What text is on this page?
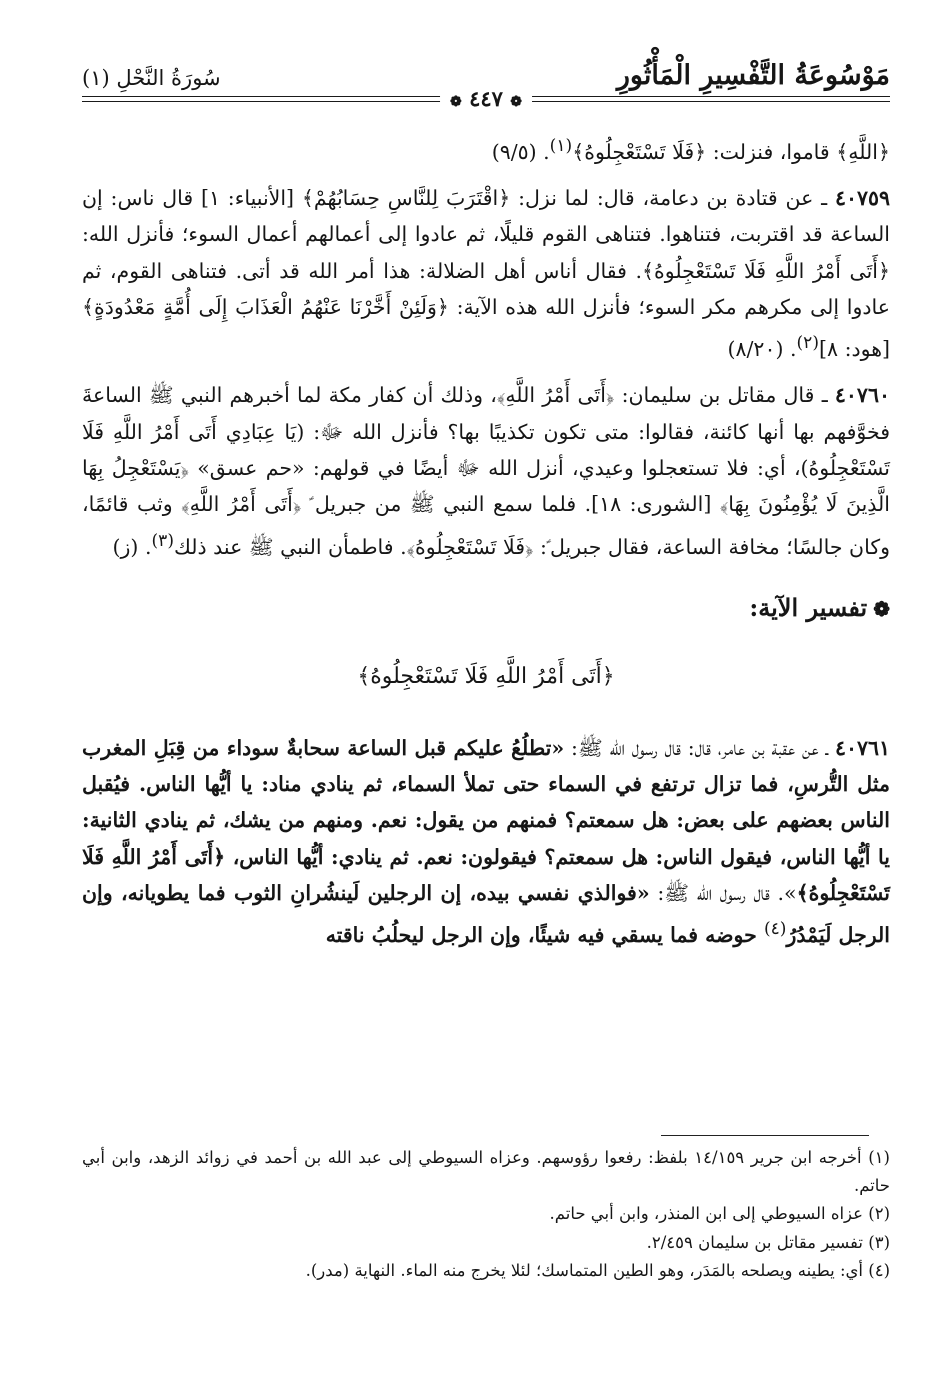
مَوْسُوعَةُ التَّفْسِيرِ الْمَأْثُورِ
سُورَةُ النَّحْلِ (١)
❁ ٤٤٧ ❁

﴿اللَّهِ﴾ قاموا، فنزلت: ﴿فَلَا تَسْتَعْجِلُوهُ﴾$^{(١)}$. (٩/٥)

٤٠٧٥٩ ـ عن قتادة بن دعامة، قال: لما نزل: ﴿اقْتَرَبَ لِلنَّاسِ حِسَابُهُمْ﴾ [الأنبياء: ١] قال ناس: إن الساعة قد اقتربت، فتناهوا. فتناهى القوم قليلًا، ثم عادوا إلى أعمالهم أعمال السوء؛ فأنزل الله: ﴿أَتَى أَمْرُ اللَّهِ فَلَا تَسْتَعْجِلُوهُ﴾. فقال أناس أهل الضلالة: هذا أمر الله قد أتى. فتناهى القوم، ثم عادوا إلى مكرهم مكر السوء؛ فأنزل الله هذه الآية: ﴿وَلَئِنْ أَخَّرْنَا عَنْهُمُ الْعَذَابَ إِلَى أُمَّةٍ مَعْدُودَةٍ﴾ [هود: ٨]$^{(٢)}$. (٨/٢٠)

٤٠٧٦٠ ـ قال مقاتل بن سليمان: ﴿أَتَى أَمْرُ اللَّهِ﴾، وذلك أن كفار مكة لما أخبرهم النبي ﷺ الساعةَ فخوَّفهم بها أنها كائنة، فقالوا: متى تكون تكذيبًا بها؟ فأنزل الله ﷻ: (يَا عِبَادِي أَتَى أَمْرُ اللَّهِ فَلَا تَسْتَعْجِلُوهُ)، أي: فلا تستعجلوا وعيدي، أنزل الله ﷻ أيضًا في قولهم: «حم عسق» ﴿يَسْتَعْجِلُ بِهَا الَّذِينَ لَا يُؤْمِنُونَ بِهَا﴾ [الشورى: ١٨]. فلما سمع النبي ﷺ من جبريل ؑ ﴿أَتَى أَمْرُ اللَّهِ﴾ وثب قائمًا، وكان جالسًا؛ مخافة الساعة، فقال جبريل ؑ: ﴿فَلَا تَسْتَعْجِلُوهُ﴾. فاطمأن النبي ﷺ عند ذلك$^{(٣)}$. (ز)

❁تفسير الآية:

﴿أَتَى أَمْرُ اللَّهِ فَلَا تَسْتَعْجِلُوهُ﴾

٤٠٧٦١ ـ عن عقبة بن عامر، قال: قال رسول الله ﷺ: «تطلُعُ عليكم قبل الساعة سحابةٌ سوداء من قِبَلِ المغرب مثل التُّرسِ، فما تزال ترتفع في السماء حتى تملأ السماء، ثم ينادي مناد: يا أيُّها الناس. فيُقبل الناس بعضهم على بعض: هل سمعتم؟ فمنهم من يقول: نعم. ومنهم من يشك، ثم ينادي الثانية: يا أيُّها الناس، فيقول الناس: هل سمعتم؟ فيقولون: نعم. ثم ينادي: أيُّها الناس، ﴿أَتَى أَمْرُ اللَّهِ فَلَا تَسْتَعْجِلُوهُ﴾». قال رسول الله ﷺ: «فوالذي نفسي بيده، إن الرجلين لَينشُرانِ الثوب فما يطويانه، وإن الرجل لَيَمْدُرُ$^{(٤)}$ حوضه فما يسقي فيه شيئًا، وإن الرجل ليحلُبُ ناقته

(١) أخرجه ابن جرير ١٤/١٥٩ بلفظ: رفعوا رؤوسهم. وعزاه السيوطي إلى عبد الله بن أحمد في زوائد الزهد، وابن أبي حاتم.

(٢) عزاه السيوطي إلى ابن المنذر، وابن أبي حاتم.

(٣) تفسير مقاتل بن سليمان ٢/٤٥٩.

(٤) أي: يطينه ويصلحه بالمَدَر، وهو الطين المتماسك؛ لئلا يخرج منه الماء. النهاية (مدر).
